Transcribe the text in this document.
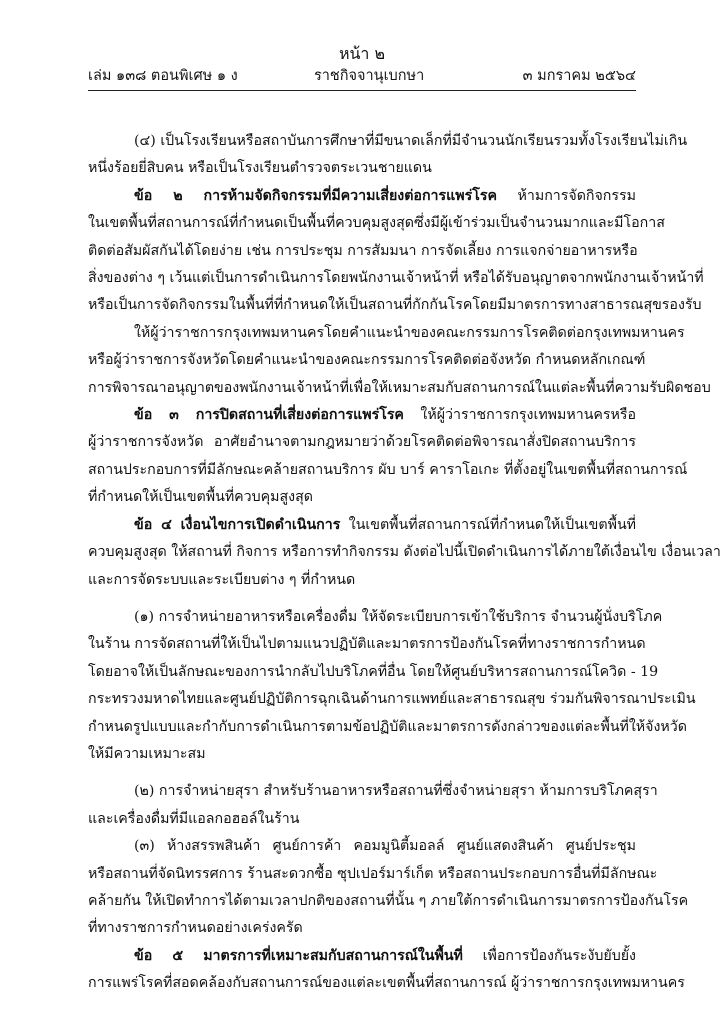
หน้า ๒
เล่ม ๑๓๘ ตอนพิเศษ ๑ ง	ราชกิจจานุเบกษา	๓ มกราคม ๒๕๖๔
(๔) เป็นโรงเรียนหรือสถาบันการศึกษาที่มีขนาดเล็กที่มีจำนวนนักเรียนรวมทั้งโรงเรียนไม่เกิน
หนึ่งร้อยยี่สิบคน หรือเป็นโรงเรียนตำรวจตระเวนชายแดน
ข้อ ๒ การห้ามจัดกิจกรรมที่มีความเสี่ยงต่อการแพร่โรค ห้ามการจัดกิจกรรม
ในเขตพื้นที่สถานการณ์ที่กำหนดเป็นพื้นที่ควบคุมสูงสุดซึ่งมีผู้เข้าร่วมเป็นจำนวนมากและมีโอกาส
ติดต่อสัมผัสกันได้โดยง่าย เช่น การประชุม การสัมมนา การจัดเลี้ยง การแจกจ่ายอาหารหรือ
สิ่งของต่าง ๆ เว้นแต่เป็นการดำเนินการโดยพนักงานเจ้าหน้าที่ หรือได้รับอนุญาตจากพนักงานเจ้าหน้าที่
หรือเป็นการจัดกิจกรรมในพื้นที่ที่กำหนดให้เป็นสถานที่กักกันโรคโดยมีมาตรการทางสาธารณสุขรองรับ
ให้ผู้ว่าราชการกรุงเทพมหานครโดยคำแนะนำของคณะกรรมการโรคติดต่อกรุงเทพมหานคร
หรือผู้ว่าราชการจังหวัดโดยคำแนะนำของคณะกรรมการโรคติดต่อจังหวัด กำหนดหลักเกณฑ์
การพิจารณาอนุญาตของพนักงานเจ้าหน้าที่เพื่อให้เหมาะสมกับสถานการณ์ในแต่ละพื้นที่ความรับผิดชอบ
ข้อ ๓ การปิดสถานที่เสี่ยงต่อการแพร่โรค ให้ผู้ว่าราชการกรุงเทพมหานครหรือ
ผู้ว่าราชการจังหวัด อาศัยอำนาจตามกฎหมายว่าด้วยโรคติดต่อพิจารณาสั่งปิดสถานบริการ
สถานประกอบการที่มีลักษณะคล้ายสถานบริการ ผับ บาร์ คาราโอเกะ ที่ตั้งอยู่ในเขตพื้นที่สถานการณ์
ที่กำหนดให้เป็นเขตพื้นที่ควบคุมสูงสุด
ข้อ ๔ เงื่อนไขการเปิดดำเนินการ ในเขตพื้นที่สถานการณ์ที่กำหนดให้เป็นเขตพื้นที่
ควบคุมสูงสุด ให้สถานที่ กิจการ หรือการทำกิจกรรม ดังต่อไปนี้เปิดดำเนินการได้ภายใต้เงื่อนไข เงื่อนเวลา
และการจัดระบบและระเบียบต่าง ๆ ที่กำหนด
(๑) การจำหน่ายอาหารหรือเครื่องดื่ม ให้จัดระเบียบการเข้าใช้บริการ จำนวนผู้นั่งบริโภค
ในร้าน การจัดสถานที่ให้เป็นไปตามแนวปฏิบัติและมาตรการป้องกันโรคที่ทางราชการกำหนด
โดยอาจให้เป็นลักษณะของการนำกลับไปบริโภคที่อื่น โดยให้ศูนย์บริหารสถานการณ์โควิด - 19
กระทรวงมหาดไทยและศูนย์ปฏิบัติการฉุกเฉินด้านการแพทย์และสาธารณสุข ร่วมกันพิจารณาประเมิน
กำหนดรูปแบบและกำกับการดำเนินการตามข้อปฏิบัติและมาตรการดังกล่าวของแต่ละพื้นที่ให้จังหวัด
ให้มีความเหมาะสม
(๒) การจำหน่ายสุรา สำหรับร้านอาหารหรือสถานที่ซึ่งจำหน่ายสุรา ห้ามการบริโภคสุรา
และเครื่องดื่มที่มีแอลกอฮอล์ในร้าน
(๓) ห้างสรรพสินค้า ศูนย์การค้า คอมมูนิตี้มอลล์ ศูนย์แสดงสินค้า ศูนย์ประชุม
หรือสถานที่จัดนิทรรศการ ร้านสะดวกซื้อ ซุปเปอร์มาร์เก็ต หรือสถานประกอบการอื่นที่มีลักษณะ
คล้ายกัน ให้เปิดทำการได้ตามเวลาปกติของสถานที่นั้น ๆ ภายใต้การดำเนินการมาตรการป้องกันโรค
ที่ทางราชการกำหนดอย่างเคร่งครัด
ข้อ ๕ มาตรการที่เหมาะสมกับสถานการณ์ในพื้นที่ เพื่อการป้องกันระงับยับยั้ง
การแพร่โรคที่สอดคล้องกับสถานการณ์ของแต่ละเขตพื้นที่สถานการณ์ ผู้ว่าราชการกรุงเทพมหานคร
